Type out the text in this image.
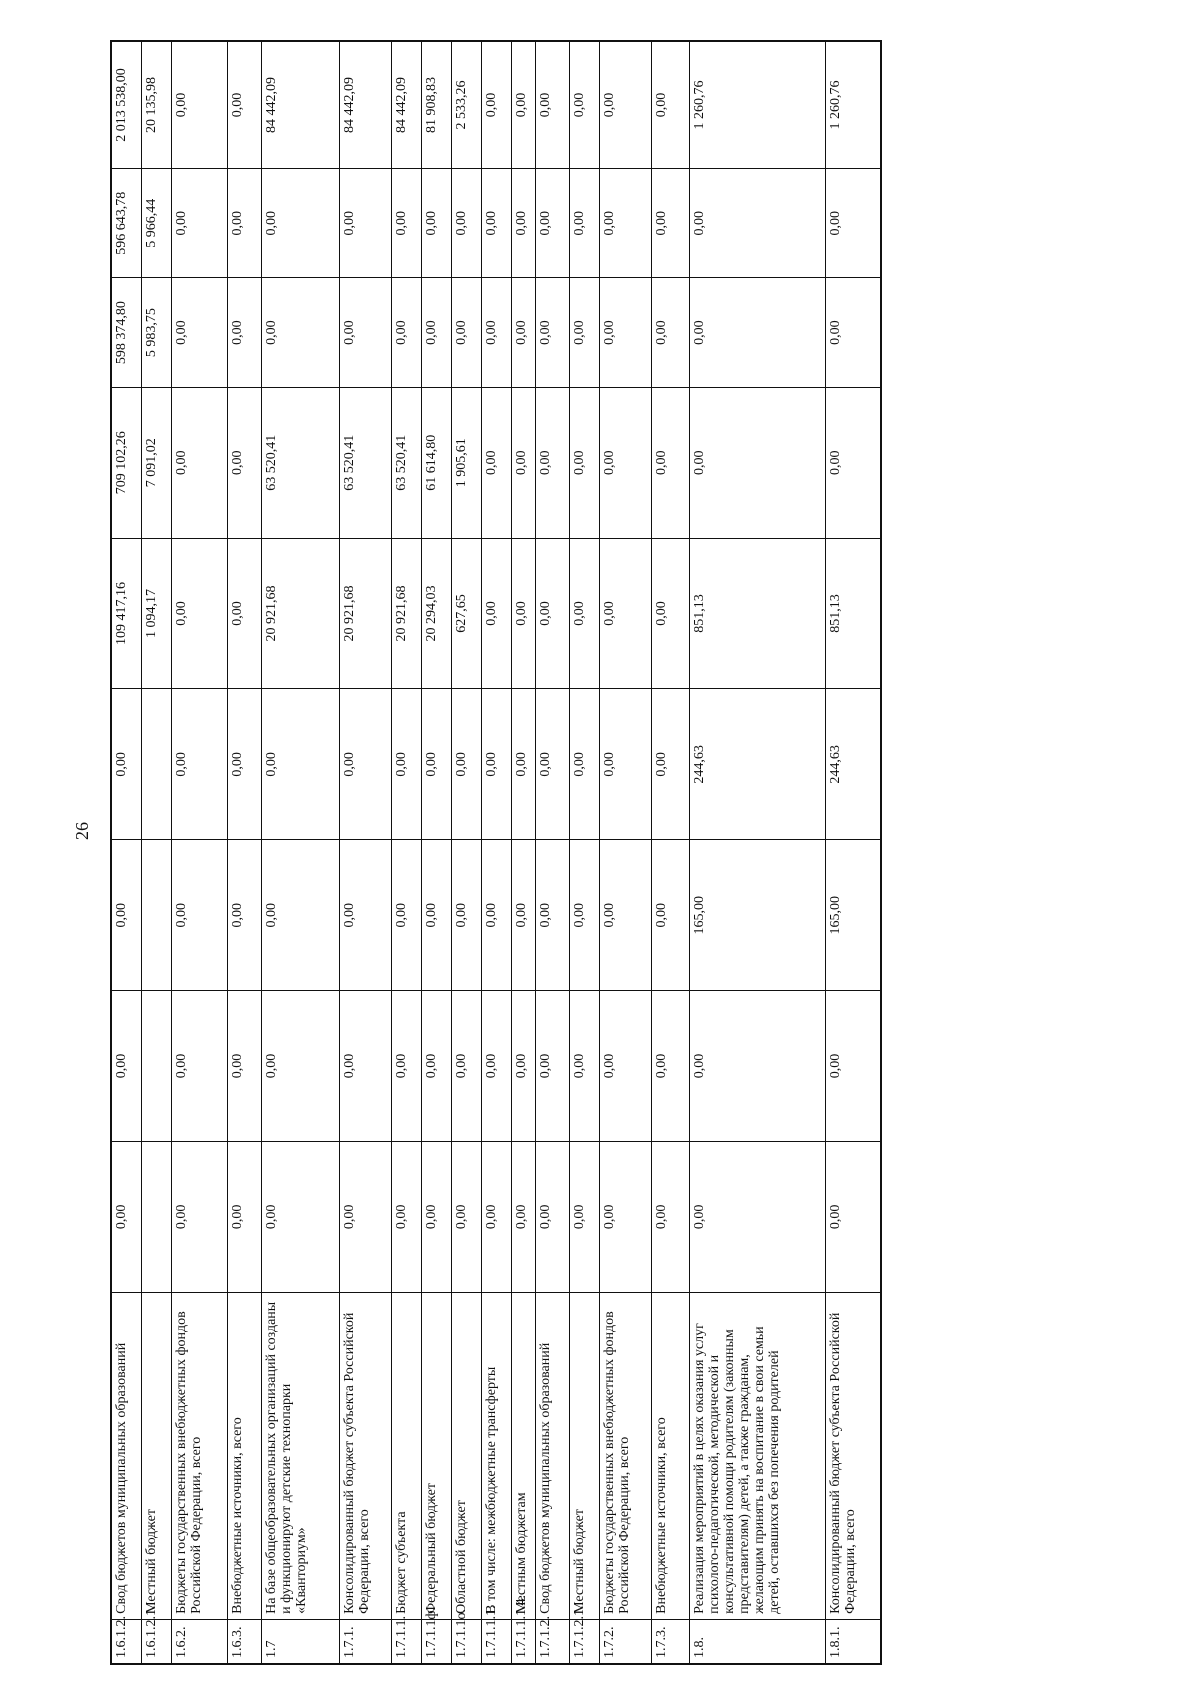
26
1.6.1.2.	Свод бюджетов муниципальных образований	0,00	0,00	0,00	0,00	109 417,16	709 102,26	598 374,80	596 643,78	2 013 538,00
1.6.1.2.1.	Местный бюджет					1 094,17	7 091,02	5 983,75	5 966,44	20 135,98
1.6.2.	Бюджеты государственных внебюджетных фондов Российской Федерации, всего	0,00	0,00	0,00	0,00	0,00	0,00	0,00	0,00	0,00
1.6.3.	Внебюджетные источники, всего	0,00	0,00	0,00	0,00	0,00	0,00	0,00	0,00	0,00
1.7	На базе общеобразовательных организаций созданы и функционируют детские технопарки «Кванториум»	0,00	0,00	0,00	0,00	20 921,68	63 520,41	0,00	0,00	84 442,09
1.7.1.	Консолидированный бюджет субъекта Российской Федерации, всего	0,00	0,00	0,00	0,00	20 921,68	63 520,41	0,00	0,00	84 442,09
1.7.1.1.	Бюджет субъекта	0,00	0,00	0,00	0,00	20 921,68	63 520,41	0,00	0,00	84 442,09
1.7.1.1ф.	Федеральный бюджет	0,00	0,00	0,00	0,00	20 294,03	61 614,80	0,00	0,00	81 908,83
1.7.1.1о.	Областной бюджет	0,00	0,00	0,00	0,00	627,65	1 905,61	0,00	0,00	2 533,26
1.7.1.1.1.	В том числе: межбюджетные трансферты	0,00	0,00	0,00	0,00	0,00	0,00	0,00	0,00	0,00
1.7.1.1.1.4.	Местным бюджетам	0,00	0,00	0,00	0,00	0,00	0,00	0,00	0,00	0,00
1.7.1.2.	Свод бюджетов муниципальных образований	0,00	0,00	0,00	0,00	0,00	0,00	0,00	0,00	0,00
1.7.1.2.1.	Местный бюджет	0,00	0,00	0,00	0,00	0,00	0,00	0,00	0,00	0,00
1.7.2.	Бюджеты государственных внебюджетных фондов Российской Федерации, всего	0,00	0,00	0,00	0,00	0,00	0,00	0,00	0,00	0,00
1.7.3.	Внебюджетные источники, всего	0,00	0,00	0,00	0,00	0,00	0,00	0,00	0,00	0,00
1.8.	Реализация мероприятий в целях оказания услуг психолого-педагогической, методической и консультативной помощи родителям (законным представителям) детей, а также гражданам, желающим принять на воспитание в свои семьи детей, оставшихся без попечения родителей	0,00	0,00	165,00	244,63	851,13	0,00	0,00	0,00	1 260,76
1.8.1.	Консолидированный бюджет субъекта Российской Федерации, всего	0,00	0,00	165,00	244,63	851,13	0,00	0,00	0,00	1 260,76
